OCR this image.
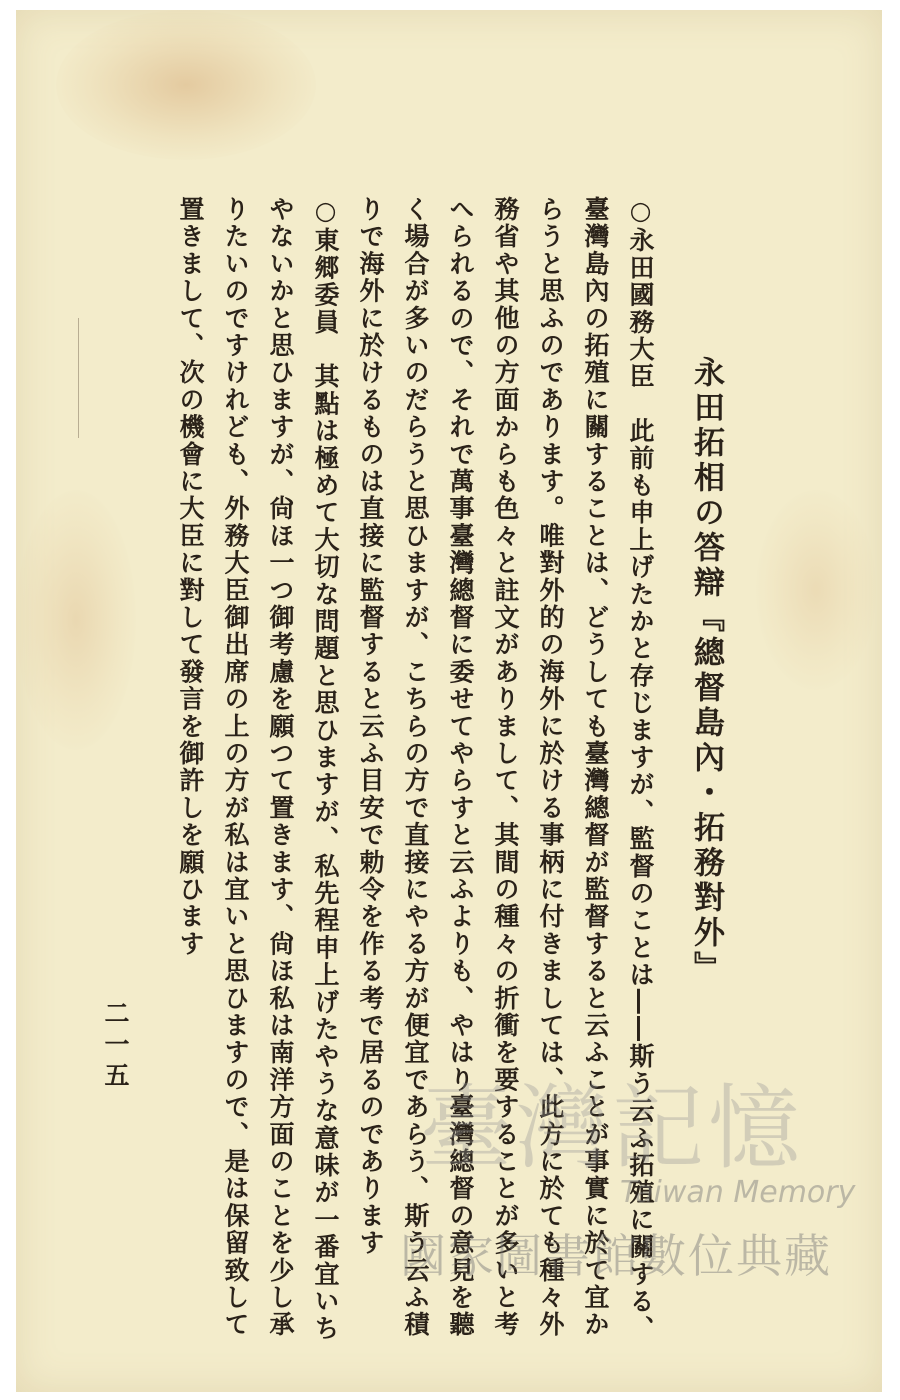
永田拓相の答辯『總督島內・拓務對外』
○永田國務大臣　此前も申上げたかと存じますが、監督のことは――斯う云ふ拓殖に關する、
臺灣島內の拓殖に關することは、どうしても臺灣總督が監督すると云ふことが事實に於て宜か
らうと思ふのであります。唯對外的の海外に於ける事柄に付きましては、此方に於ても種々外
務省や其他の方面からも色々と註文がありまして、其間の種々の折衝を要することが多いと考
へられるので、それで萬事臺灣總督に委せてやらすと云ふよりも、やはり臺灣總督の意見を聽
く場合が多いのだらうと思ひますが、こちらの方で直接にやる方が便宜であらう、斯う云ふ積
りで海外に於けるものは直接に監督すると云ふ目安で勅令を作る考で居るのであります
○東郷委員　其點は極めて大切な問題と思ひますが、私先程申上げたやうな意味が一番宜いち
やないかと思ひますが、尙ほ一つ御考慮を願つて置きます、尙ほ私は南洋方面のことを少し承
りたいのですけれども、外務大臣御出席の上の方が私は宜いと思ひますので、是は保留致して
置きまして、次の機會に大臣に對して發言を御許しを願ひます
二一五
臺灣記憶
Taiwan Memory
國家圖書館數位典藏
